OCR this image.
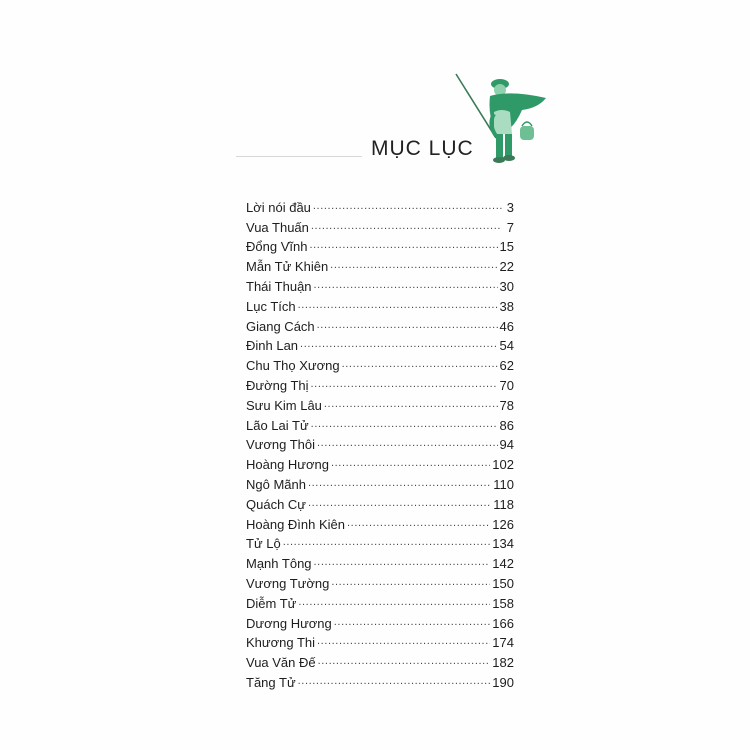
MỤC LỤC
Lời nói đầu .....	3
Vua Thuấn .....	7
Đổng Vĩnh .....	15
Mẫn Tử Khiên .....	22
Thái Thuận .....	30
Lục Tích .....	38
Giang Cách .....	46
Đinh Lan .....	54
Chu Thọ Xương .....	62
Đường Thị .....	70
Sưu Kim Lâu .....	78
Lão Lai Tử .....	86
Vương Thôi .....	94
Hoàng Hương .....	102
Ngô Mãnh .....	110
Quách Cự .....	118
Hoàng Đình Kiên .....	126
Tử Lộ .....	134
Mạnh Tông .....	142
Vương Tường .....	150
Diễm Tử .....	158
Dương Hương .....	166
Khương Thi .....	174
Vua Văn Đế .....	182
Tăng Tử .....	190
